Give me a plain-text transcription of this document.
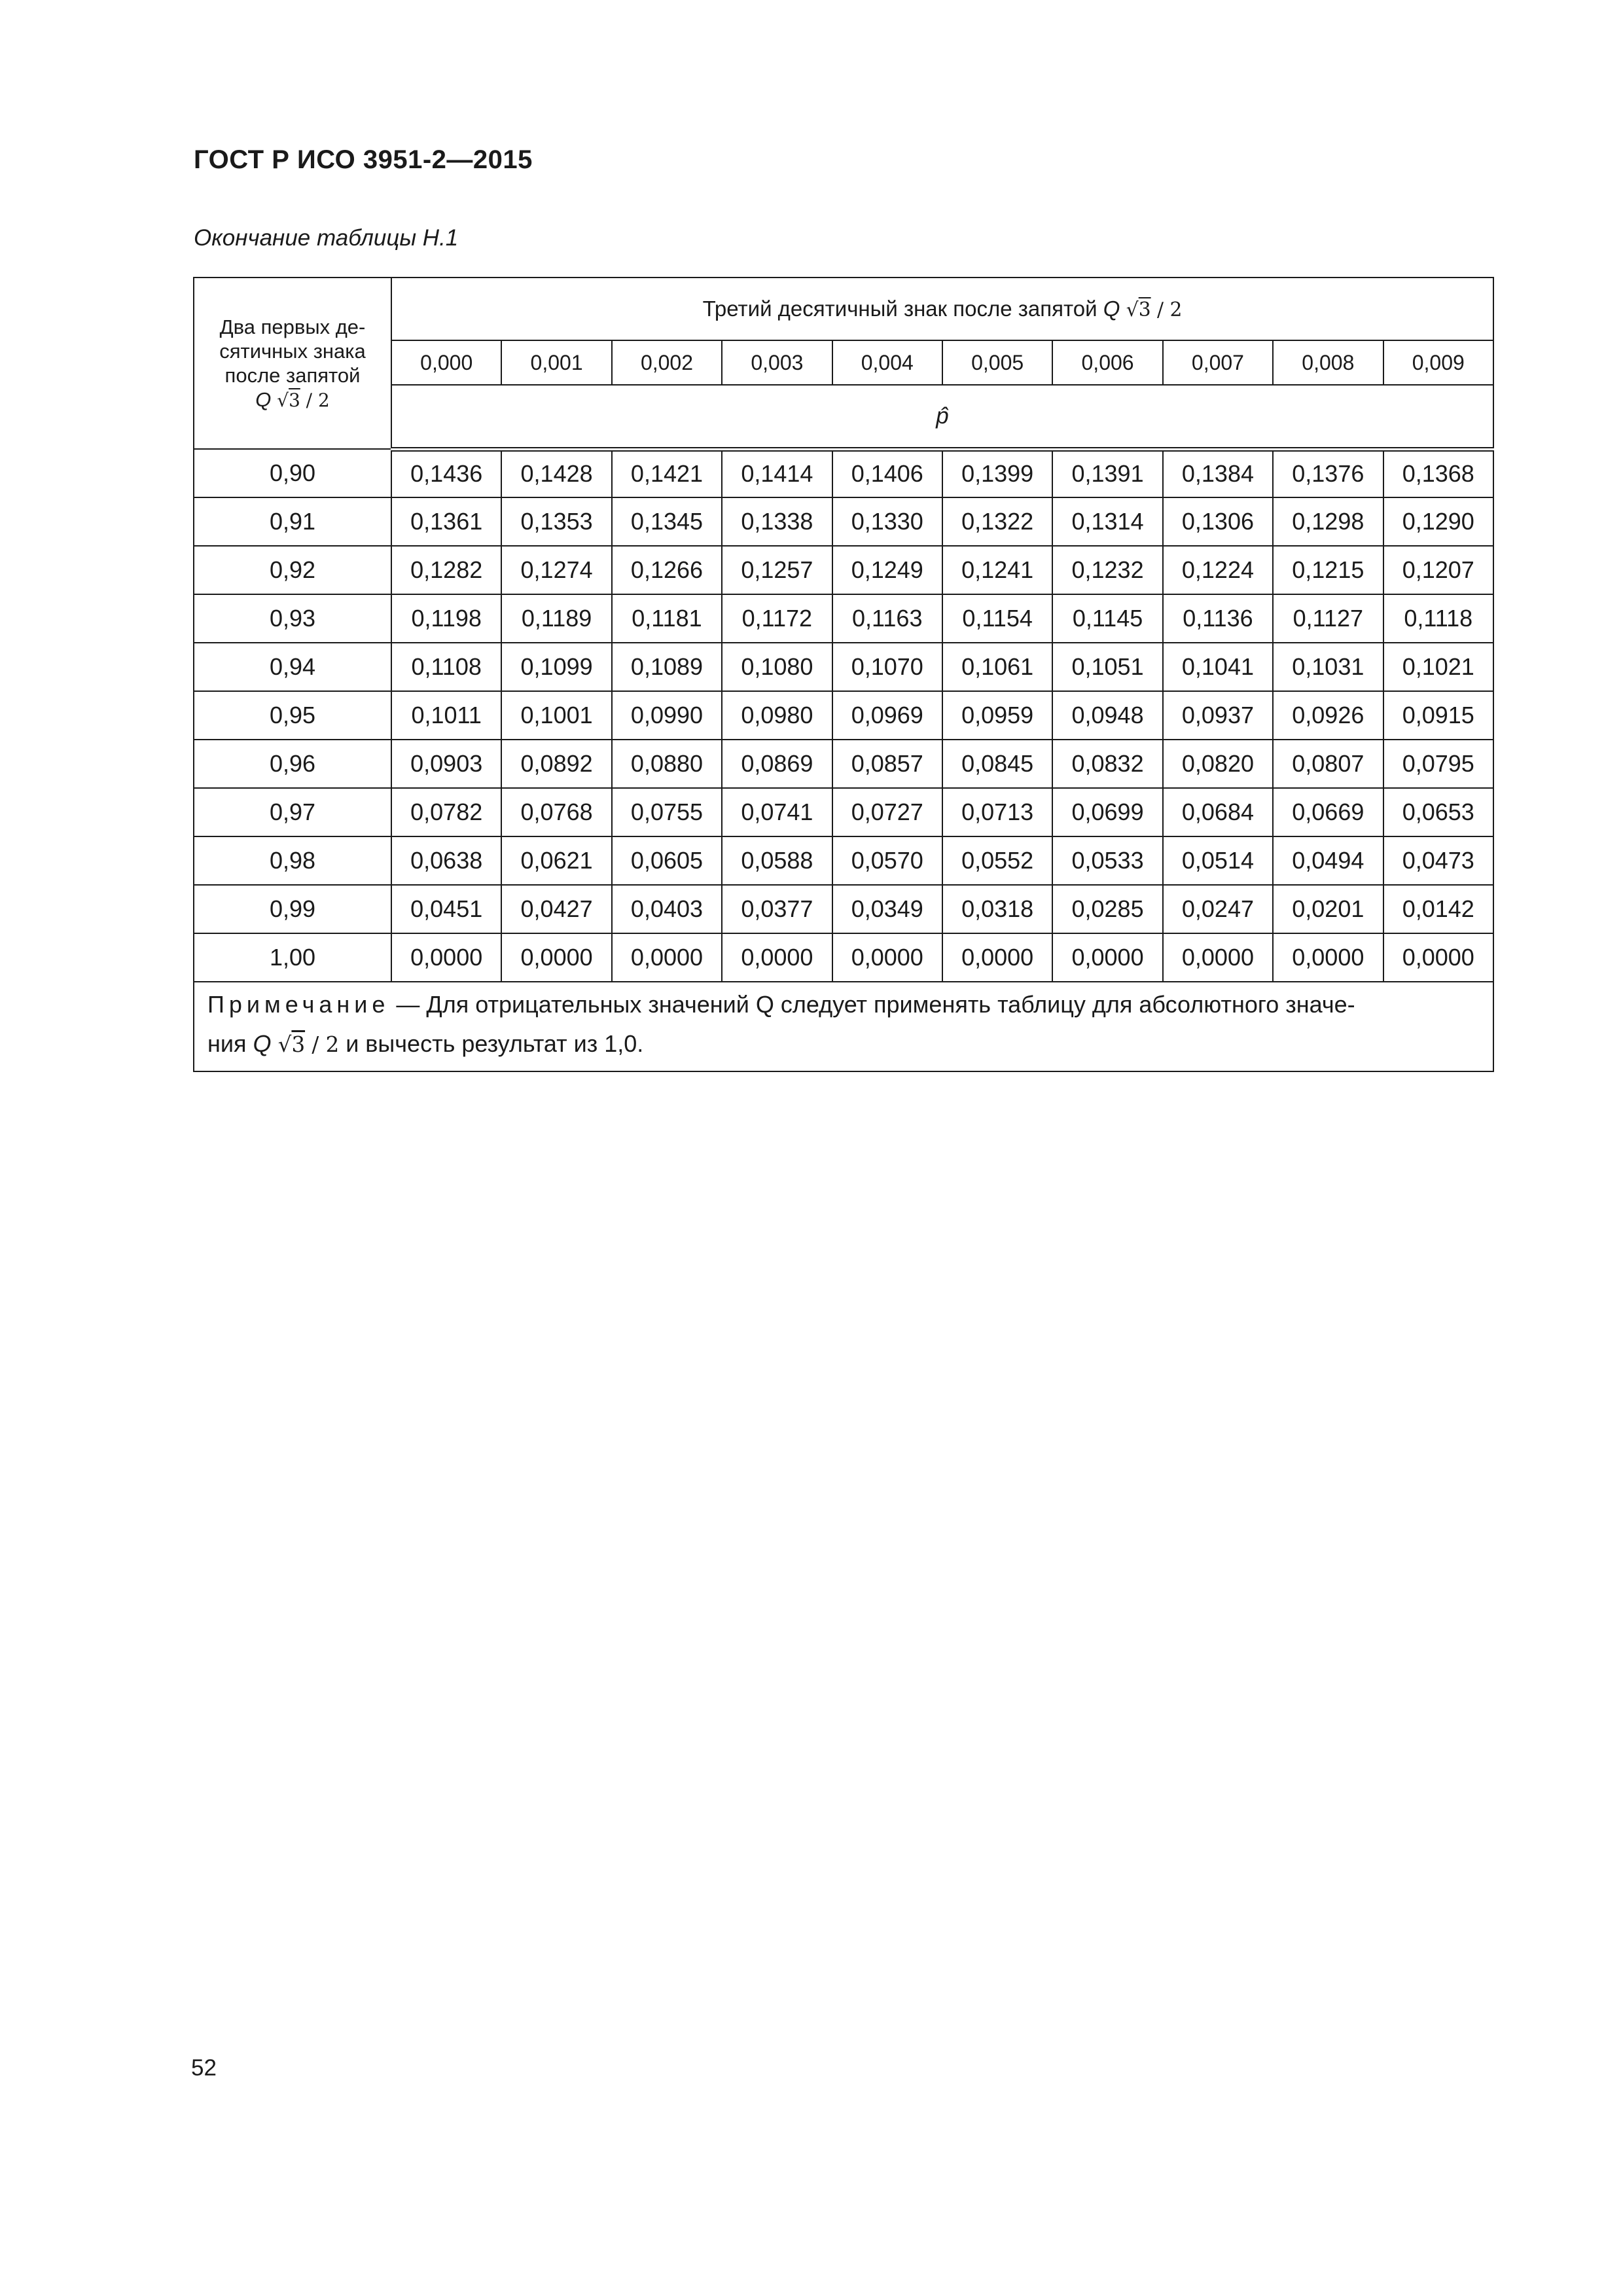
ГОСТ Р ИСО 3951-2—2015
Окончание таблицы Н.1
Два первых де-
сятичных знака
после запятой
Q √3 / 2	Третий десятичный знак после запятой Q √3 / 2									
	0,000	0,001	0,002	0,003	0,004	0,005	0,006	0,007	0,008	0,009
	p̂									
0,90	0,1436	0,1428	0,1421	0,1414	0,1406	0,1399	0,1391	0,1384	0,1376	0,1368
0,91	0,1361	0,1353	0,1345	0,1338	0,1330	0,1322	0,1314	0,1306	0,1298	0,1290
0,92	0,1282	0,1274	0,1266	0,1257	0,1249	0,1241	0,1232	0,1224	0,1215	0,1207
0,93	0,1198	0,1189	0,1181	0,1172	0,1163	0,1154	0,1145	0,1136	0,1127	0,1118
0,94	0,1108	0,1099	0,1089	0,1080	0,1070	0,1061	0,1051	0,1041	0,1031	0,1021
0,95	0,1011	0,1001	0,0990	0,0980	0,0969	0,0959	0,0948	0,0937	0,0926	0,0915
0,96	0,0903	0,0892	0,0880	0,0869	0,0857	0,0845	0,0832	0,0820	0,0807	0,0795
0,97	0,0782	0,0768	0,0755	0,0741	0,0727	0,0713	0,0699	0,0684	0,0669	0,0653
0,98	0,0638	0,0621	0,0605	0,0588	0,0570	0,0552	0,0533	0,0514	0,0494	0,0473
0,99	0,0451	0,0427	0,0403	0,0377	0,0349	0,0318	0,0285	0,0247	0,0201	0,0142
1,00	0,0000	0,0000	0,0000	0,0000	0,0000	0,0000	0,0000	0,0000	0,0000	0,0000
Примечание — Для отрицательных значений Q следует применять таблицу для абсолютного значе-
ния Q √3 / 2 и вычесть результат из 1,0.										
52
